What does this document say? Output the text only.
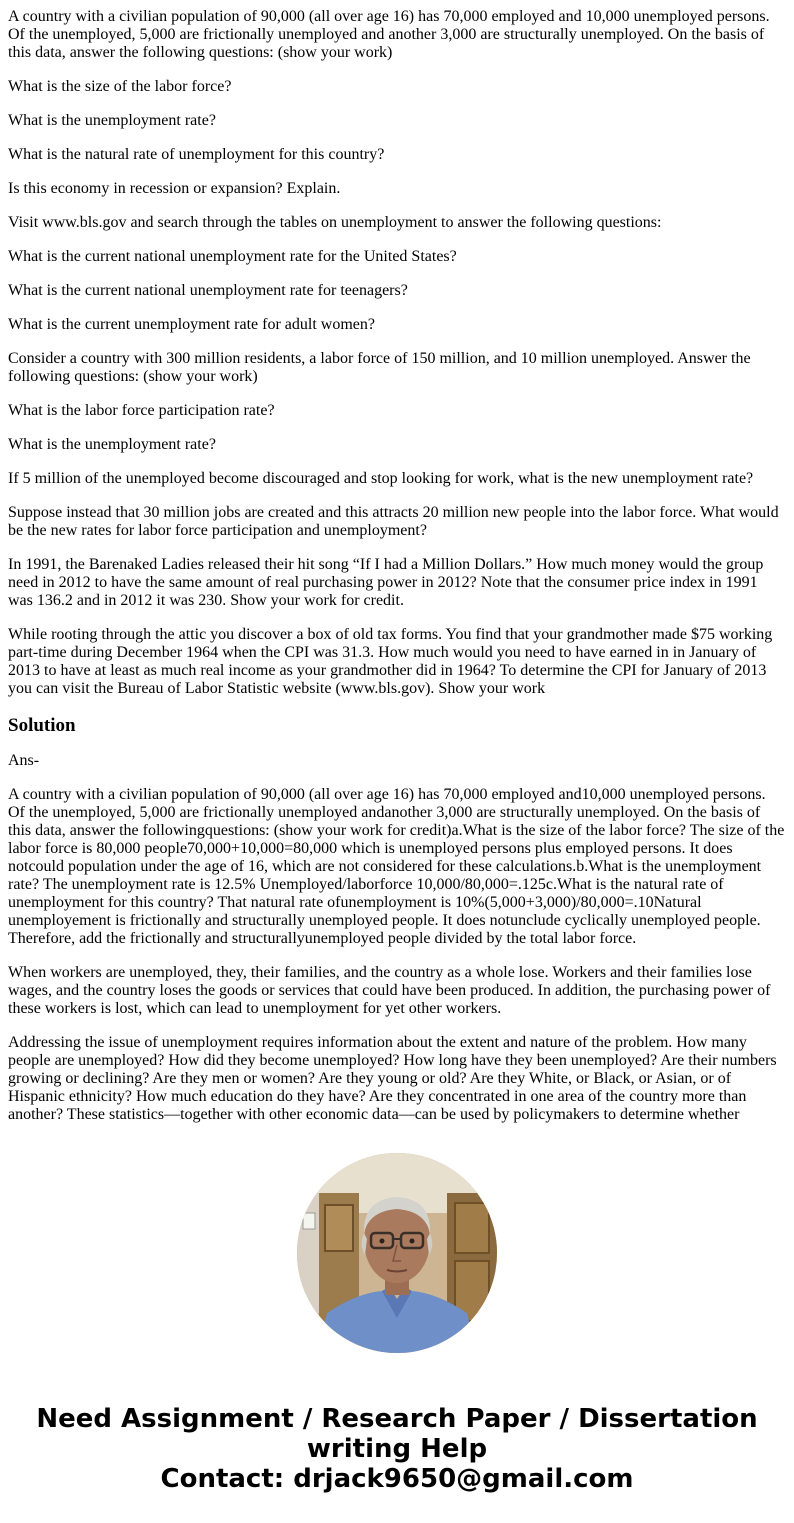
A country with a civilian population of 90,000 (all over age 16) has 70,000 employed and 10,000 unemployed persons. Of the unemployed, 5,000 are frictionally unemployed and another 3,000 are structurally unemployed. On the basis of this data, answer the following questions: (show your work)

What is the size of the labor force?

What is the unemployment rate?

What is the natural rate of unemployment for this country?

Is this economy in recession or expansion? Explain.

Visit www.bls.gov and search through the tables on unemployment to answer the following questions:

What is the current national unemployment rate for the United States?

What is the current national unemployment rate for teenagers?

What is the current unemployment rate for adult women?

Consider a country with 300 million residents, a labor force of 150 million, and 10 million unemployed. Answer the following questions: (show your work)

What is the labor force participation rate?

What is the unemployment rate?

If 5 million of the unemployed become discouraged and stop looking for work, what is the new unemployment rate?

Suppose instead that 30 million jobs are created and this attracts 20 million new people into the labor force. What would be the new rates for labor force participation and unemployment?

In 1991, the Barenaked Ladies released their hit song “If I had a Million Dollars.” How much money would the group need in 2012 to have the same amount of real purchasing power in 2012? Note that the consumer price index in 1991 was 136.2 and in 2012 it was 230. Show your work for credit.

While rooting through the attic you discover a box of old tax forms. You find that your grandmother made $75 working part-time during December 1964 when the CPI was 31.3. How much would you need to have earned in in January of 2013 to have at least as much real income as your grandmother did in 1964? To determine the CPI for January of 2013 you can visit the Bureau of Labor Statistic website (www.bls.gov). Show your work

Solution

Ans-

A country with a civilian population of 90,000 (all over age 16) has 70,000 employed and10,000 unemployed persons. Of the unemployed, 5,000 are frictionally unemployed andanother 3,000 are structurally unemployed. On the basis of this data, answer the followingquestions: (show your work for credit)a.What is the size of the labor force? The size of the labor force is 80,000 people70,000+10,000=80,000 which is unemployed persons plus employed persons. It does notcould population under the age of 16, which are not considered for these calculations.b.What is the unemployment rate? The unemployment rate is 12.5% Unemployed/laborforce 10,000/80,000=.125c.What is the natural rate of unemployment for this country? That natural rate ofunemployment is 10%(5,000+3,000)/80,000=.10Natural unemployement is frictionally and structurally unemployed people. It does notunclude cyclically unemployed people. Therefore, add the frictionally and structurallyunemployed people divided by the total labor force.

When workers are unemployed, they, their families, and the country as a whole lose. Workers and their families lose wages, and the country loses the goods or services that could have been produced. In addition, the purchasing power of these workers is lost, which can lead to unemployment for yet other workers.

Addressing the issue of unemployment requires information about the extent and nature of the problem. How many people are unemployed? How did they become unemployed? How long have they been unemployed? Are their numbers growing or declining? Are they men or women? Are they young or old? Are they White, or Black, or Asian, or of Hispanic ethnicity? How much education do they have? Are they concentrated in one area of the country more than another? These statistics—together with other economic data—can be used by policymakers to determine whether

Need Assignment / Research Paper / Dissertation
writing Help
Contact: drjack9650@gmail.com
